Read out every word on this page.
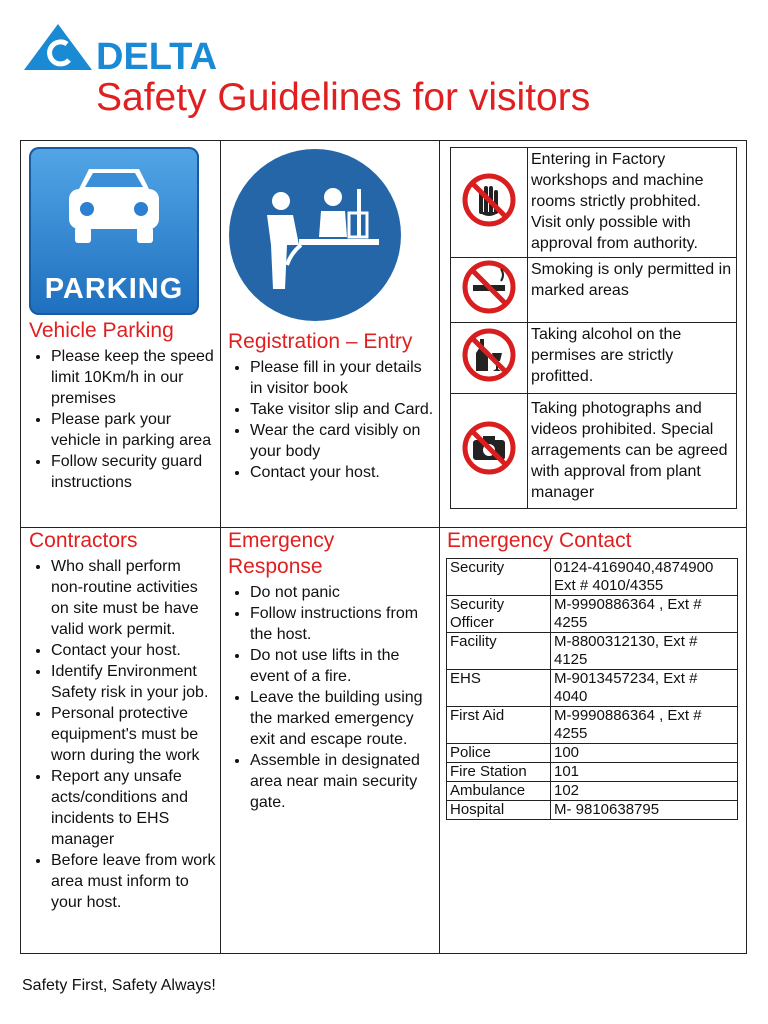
DELTA
Safety Guidelines for visitors
PARKING
Vehicle Parking
• Please keep the speed limit 10Km/h in our premises
• Please park your vehicle in parking area
• Follow security guard instructions
Registration – Entry
• Please fill in your details in visitor book
• Take visitor slip and Card.
• Wear the card visibly on your body
• Contact your host.
	Entering in Factory workshops and machine rooms strictly probhited. Visit only possible with approval from authority.
	Smoking is only permitted in marked areas
	Taking alcohol on the permises are strictly profitted.
	Taking photographs and videos prohibited. Special arragements can be agreed with approval from plant manager
Contractors
• Who shall perform non-routine activities on site must be have valid work permit.
• Contact your host.
• Identify Environment Safety risk in your job.
• Personal protective equipment's must be worn during the work
• Report any unsafe acts/conditions and incidents to EHS manager
• Before leave from work area must inform to your host.
Emergency Response
• Do not panic
• Follow instructions from the host.
• Do not use lifts in the event of a fire.
• Leave the building using the marked emergency exit and escape route.
• Assemble in designated area near main security gate.
Emergency Contact
Security	0124-4169040,4874900 Ext # 4010/4355
Security Officer	M-9990886364 , Ext # 4255
Facility	M-8800312130, Ext # 4125
EHS	M-9013457234, Ext # 4040
First Aid	M-9990886364 , Ext # 4255
Police	100
Fire Station	101
Ambulance	102
Hospital	M- 9810638795
Safety First, Safety Always!
